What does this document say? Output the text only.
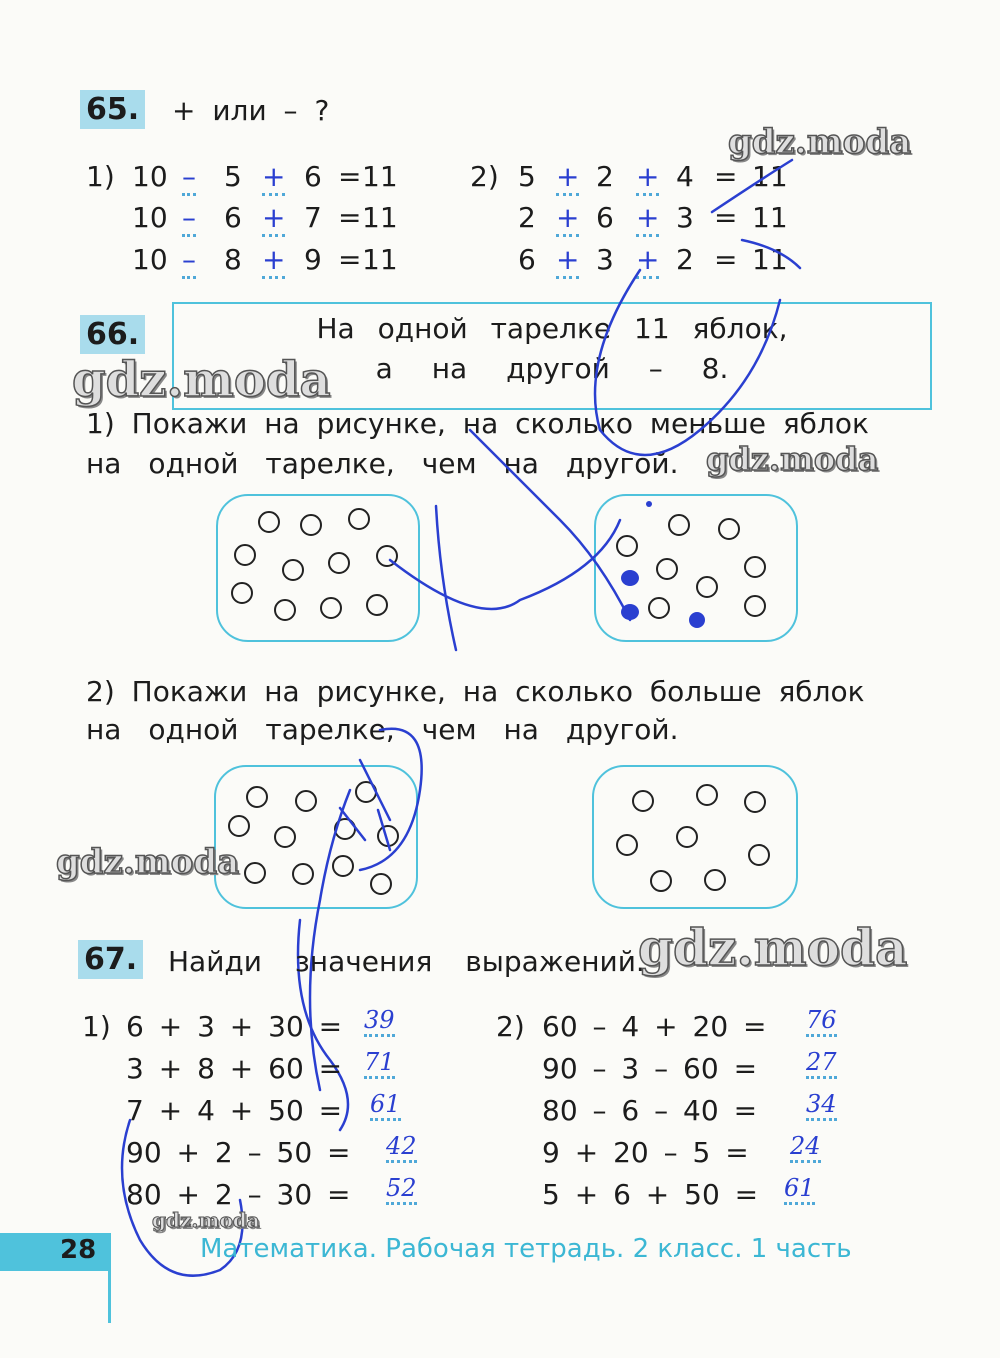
65. + или – ?
1)	2)
10 – 5 + 6 = 11
10 – 6 + 7 = 11
10 – 8 + 9 = 11
5 + 2 + 4 = 11
2 + 6 + 3 = 11
6 + 3 + 2 = 11
66.	На одной тарелке 11 яблок,
а на другой – 8.
1) Покажи на рисунке, на сколько меньше яблок
на одной тарелке, чем на другой.
2) Покажи на рисунке, на сколько больше яблок
на одной тарелке, чем на другой.
67. Найди значения выражений.
1)	2)
6 + 3 + 30 = 39
3 + 8 + 60 = 71
7 + 4 + 50 = 61
90 + 2 – 50 = 42
80 + 2 – 30 = 52
60 – 4 + 20 = 76
90 – 3 – 60 = 27
80 – 6 – 40 = 34
9 + 20 – 5 = 24
5 + 6 + 50 = 61
28	Математика. Рабочая тетрадь. 2 класс. 1 часть
gdz.moda
gdz.moda
gdz.moda
gdz.moda
gdz.moda
gdz.moda
